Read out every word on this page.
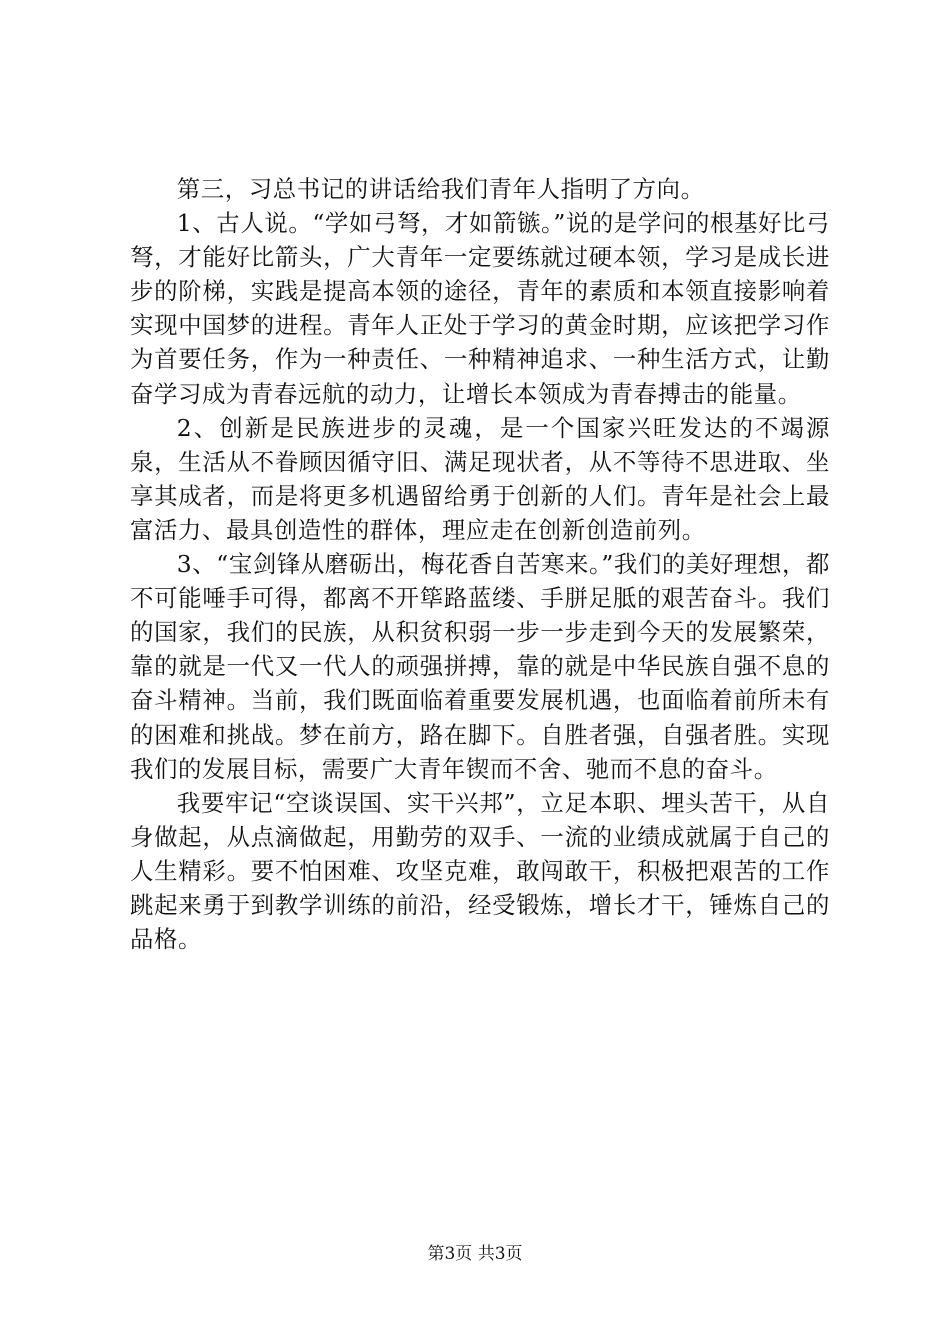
第三，习总书记的讲话给我们青年人指明了方向。

1、古人说。“学如弓弩，才如箭镞。”说的是学问的根基好比弓弩，才能好比箭头，广大青年一定要练就过硬本领，学习是成长进步的阶梯，实践是提高本领的途径，青年的素质和本领直接影响着实现中国梦的进程。青年人正处于学习的黄金时期，应该把学习作为首要任务，作为一种责任、一种精神追求、一种生活方式，让勤奋学习成为青春远航的动力，让增长本领成为青春搏击的能量。

2、创新是民族进步的灵魂，是一个国家兴旺发达的不竭源泉，生活从不眷顾因循守旧、满足现状者，从不等待不思进取、坐享其成者，而是将更多机遇留给勇于创新的人们。青年是社会上最富活力、最具创造性的群体，理应走在创新创造前列。

3、“宝剑锋从磨砺出，梅花香自苦寒来。”我们的美好理想，都不可能唾手可得，都离不开筚路蓝缕、手胼足胝的艰苦奋斗。我们的国家，我们的民族，从积贫积弱一步一步走到今天的发展繁荣，靠的就是一代又一代人的顽强拼搏，靠的就是中华民族自强不息的奋斗精神。当前，我们既面临着重要发展机遇，也面临着前所未有的困难和挑战。梦在前方，路在脚下。自胜者强，自强者胜。实现我们的发展目标，需要广大青年锲而不舍、驰而不息的奋斗。

我要牢记“空谈误国、实干兴邦”，立足本职、埋头苦干，从自身做起，从点滴做起，用勤劳的双手、一流的业绩成就属于自己的人生精彩。要不怕困难、攻坚克难，敢闯敢干，积极把艰苦的工作跳起来勇于到教学训练的前沿，经受锻炼，增长才干，锤炼自己的品格。

第3页 共3页
